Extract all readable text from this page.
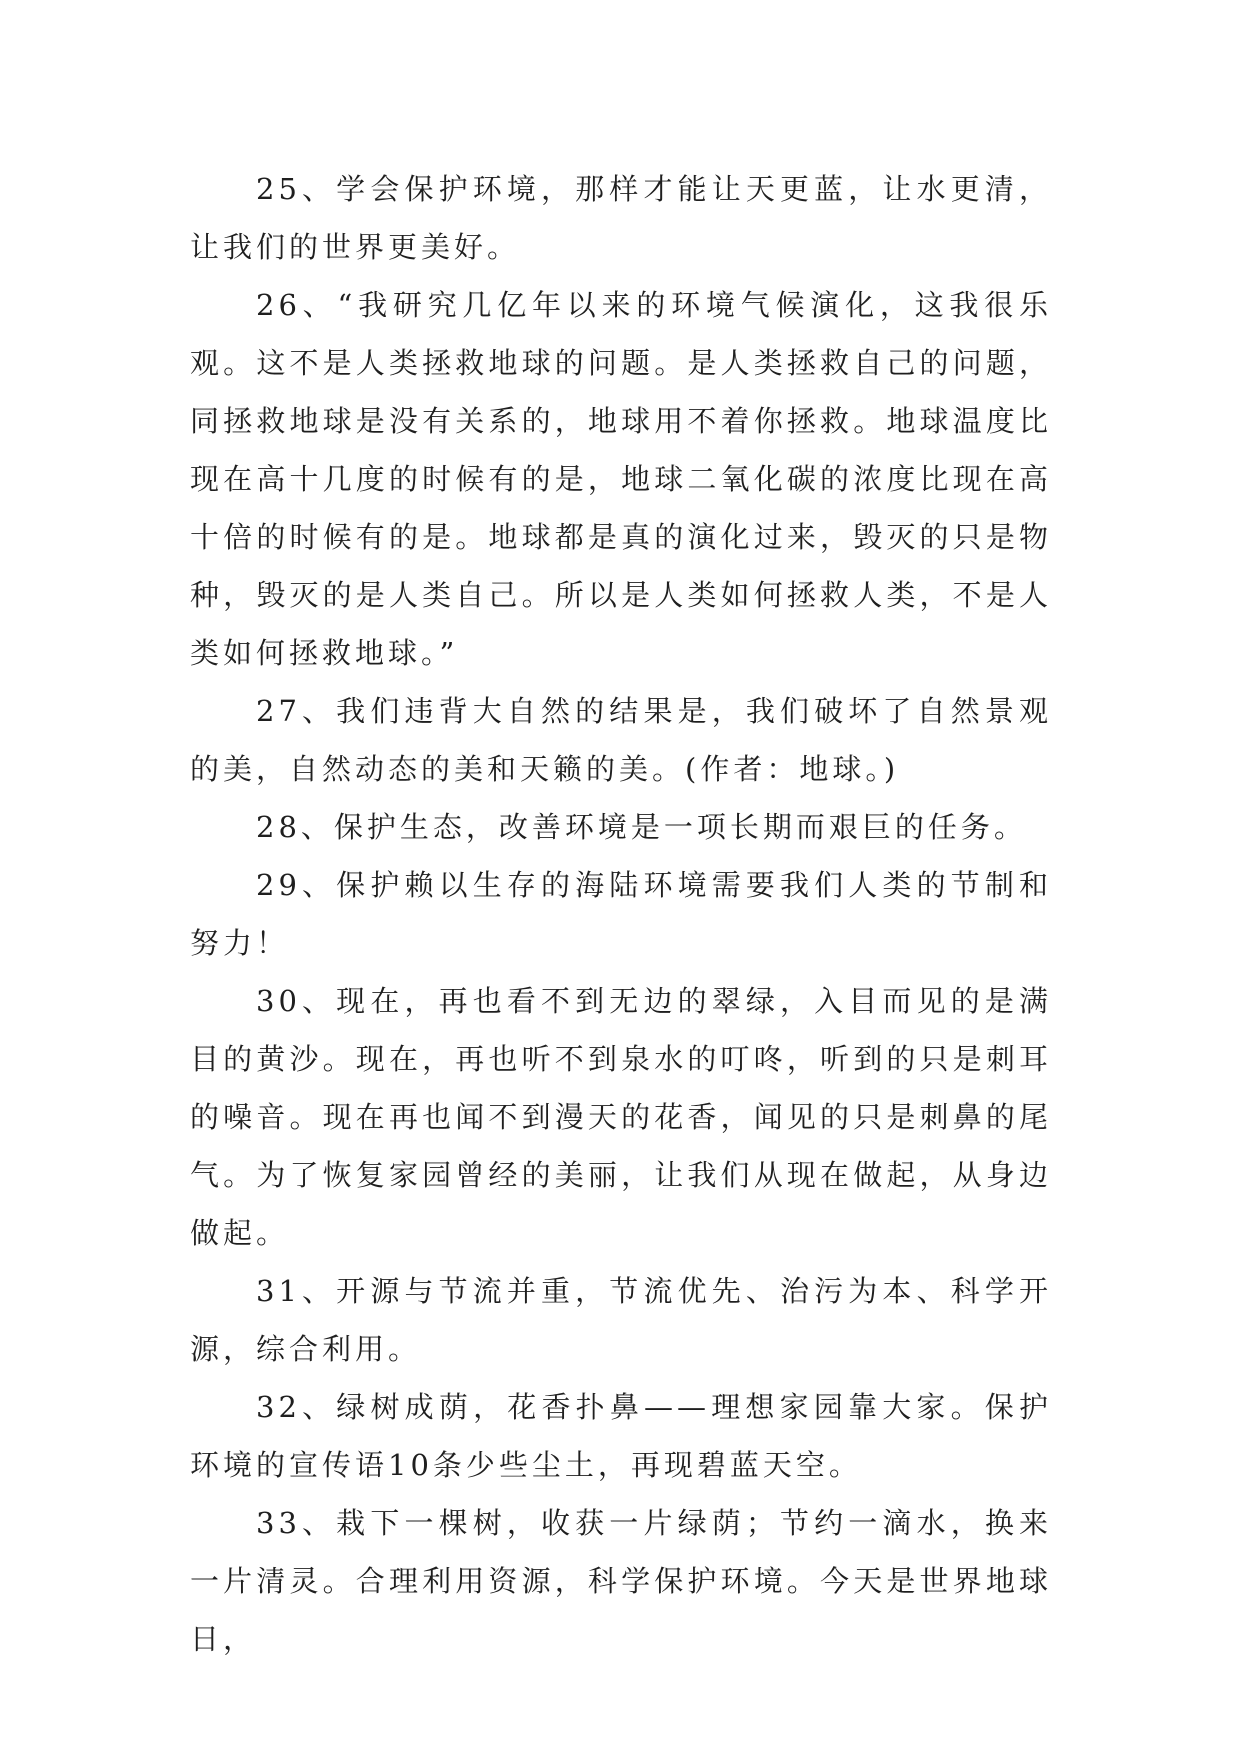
25、学会保护环境，那样才能让天更蓝，让水更清，让我们的世界更美好。

26、“我研究几亿年以来的环境气候演化，这我很乐观。这不是人类拯救地球的问题。是人类拯救自己的问题，同拯救地球是没有关系的，地球用不着你拯救。地球温度比现在高十几度的时候有的是，地球二氧化碳的浓度比现在高十倍的时候有的是。地球都是真的演化过来，毁灭的只是物种，毁灭的是人类自己。所以是人类如何拯救人类，不是人类如何拯救地球。”

27、我们违背大自然的结果是，我们破坏了自然景观的美，自然动态的美和天籁的美。(作者：地球。)

28、保护生态，改善环境是一项长期而艰巨的任务。

29、保护赖以生存的海陆环境需要我们人类的节制和努力！

30、现在，再也看不到无边的翠绿，入目而见的是满目的黄沙。现在，再也听不到泉水的叮咚，听到的只是刺耳的噪音。现在再也闻不到漫天的花香，闻见的只是刺鼻的尾气。为了恢复家园曾经的美丽，让我们从现在做起，从身边做起。

31、开源与节流并重，节流优先、治污为本、科学开源，综合利用。

32、绿树成荫，花香扑鼻——理想家园靠大家。保护环境的宣传语10条少些尘土，再现碧蓝天空。

33、栽下一棵树，收获一片绿荫；节约一滴水，换来一片清灵。合理利用资源，科学保护环境。今天是世界地球日，
